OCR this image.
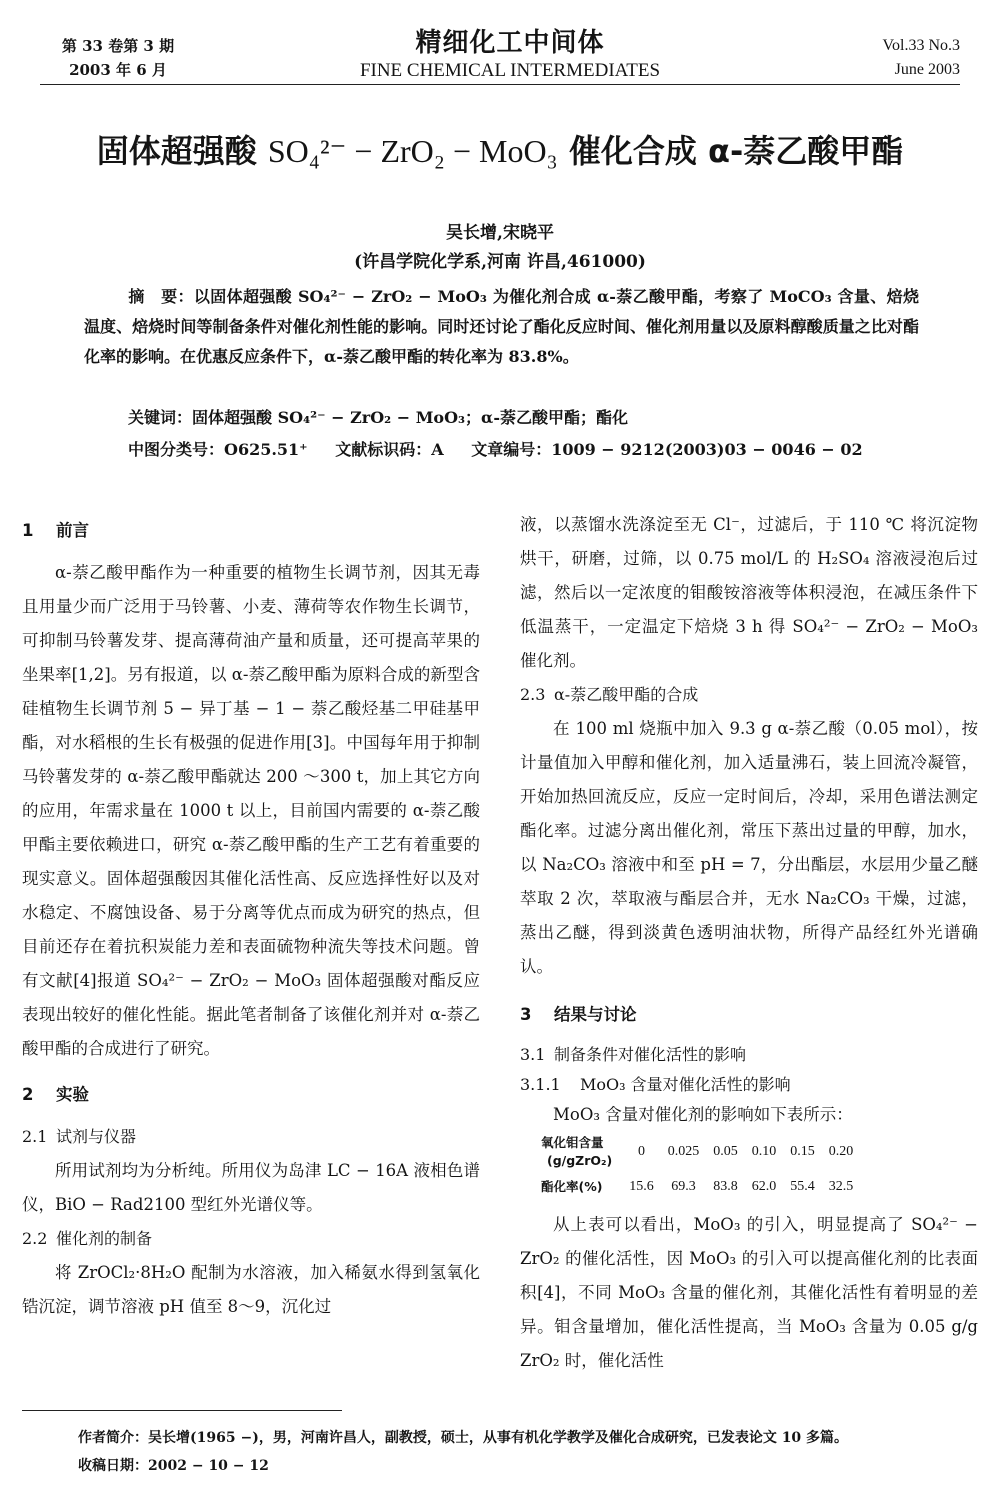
第 33 卷第 3 期
2003 年 6 月
精细化工中间体
FINE CHEMICAL INTERMEDIATES
Vol.33 No.3
June 2003
固体超强酸 SO₄²⁻ − ZrO₂ − MoO₃ 催化合成 α-萘乙酸甲酯
吴长增,宋晓平
(许昌学院化学系,河南 许昌,461000)
摘　要：以固体超强酸 SO₄²⁻ − ZrO₂ − MoO₃ 为催化剂合成 α-萘乙酸甲酯，考察了 MoCO₃ 含量、焙烧温度、焙烧时间等制备条件对催化剂性能的影响。同时还讨论了酯化反应时间、催化剂用量以及原料醇酸质量之比对酯化率的影响。在优惠反应条件下，α-萘乙酸甲酯的转化率为 83.8%。
关键词：固体超强酸 SO₄²⁻ − ZrO₂ − MoO₃；α-萘乙酸甲酯；酯化
中图分类号：O625.51⁺ 文献标识码：A 文章编号：1009 − 9212(2003)03 − 0046 − 02
1 前言

α-萘乙酸甲酯作为一种重要的植物生长调节剂，因其无毒且用量少而广泛用于马铃薯、小麦、薄荷等农作物生长调节，可抑制马铃薯发芽、提高薄荷油产量和质量，还可提高苹果的坐果率[1,2]。另有报道，以 α-萘乙酸甲酯为原料合成的新型含硅植物生长调节剂 5 − 异丁基 − 1 − 萘乙酸烃基二甲硅基甲酯，对水稻根的生长有极强的促进作用[3]。中国每年用于抑制马铃薯发芽的 α-萘乙酸甲酯就达 200 ～300 t，加上其它方向的应用，年需求量在 1000 t 以上，目前国内需要的 α-萘乙酸甲酯主要依赖进口，研究 α-萘乙酸甲酯的生产工艺有着重要的现实意义。固体超强酸因其催化活性高、反应选择性好以及对水稳定、不腐蚀设备、易于分离等优点而成为研究的热点，但目前还存在着抗积炭能力差和表面硫物种流失等技术问题。曾有文献[4]报道 SO₄²⁻ − ZrO₂ − MoO₃ 固体超强酸对酯反应表现出较好的催化性能。据此笔者制备了该催化剂并对 α-萘乙酸甲酯的合成进行了研究。

2 实验
2.1 试剂与仪器

所用试剂均为分析纯。所用仪为岛津 LC − 16A 液相色谱仪，BiO − Rad2100 型红外光谱仪等。

2.2 催化剂的制备

将 ZrOCl₂·8H₂O 配制为水溶液，加入稀氨水得到氢氧化锆沉淀，调节溶液 pH 值至 8～9，沉化过

液，以蒸馏水洗涤淀至无 Cl⁻，过滤后，于 110 ℃ 将沉淀物烘干，研磨，过筛，以 0.75 mol/L 的 H₂SO₄ 溶液浸泡后过滤，然后以一定浓度的钼酸铵溶液等体积浸泡，在减压条件下低温蒸干，一定温定下焙烧 3 h 得 SO₄²⁻ − ZrO₂ − MoO₃ 催化剂。

2.3 α-萘乙酸甲酯的合成

在 100 ml 烧瓶中加入 9.3 g α-萘乙酸（0.05 mol），按计量值加入甲醇和催化剂，加入适量沸石，装上回流冷凝管，开始加热回流反应，反应一定时间后，冷却，采用色谱法测定酯化率。过滤分离出催化剂，常压下蒸出过量的甲醇，加水，以 Na₂CO₃ 溶液中和至 pH = 7，分出酯层，水层用少量乙醚萃取 2 次，萃取液与酯层合并，无水 Na₂CO₃ 干燥，过滤，蒸出乙醚，得到淡黄色透明油状物，所得产品经红外光谱确认。

3 结果与讨论
3.1 制备条件对催化活性的影响
3.1.1 MoO₃ 含量对催化活性的影响

MoO₃ 含量对催化剂的影响如下表所示：

氧化钼含量
(g/gZrO₂)	0	0.025	0.05	0.10	0.15	0.20
酯化率(%)	15.6	69.3	83.8	62.0	55.4	32.5

从上表可以看出，MoO₃ 的引入，明显提高了 SO₄²⁻ − ZrO₂ 的催化活性，因 MoO₃ 的引入可以提高催化剂的比表面积[4]，不同 MoO₃ 含量的催化剂，其催化活性有着明显的差异。钼含量增加，催化活性提高，当 MoO₃ 含量为 0.05 g/g ZrO₂ 时，催化活性

作者简介：吴长增(1965 −)，男，河南许昌人，副教授，硕士，从事有机化学教学及催化合成研究，已发表论文 10 多篇。
收稿日期：2002 − 10 − 12
